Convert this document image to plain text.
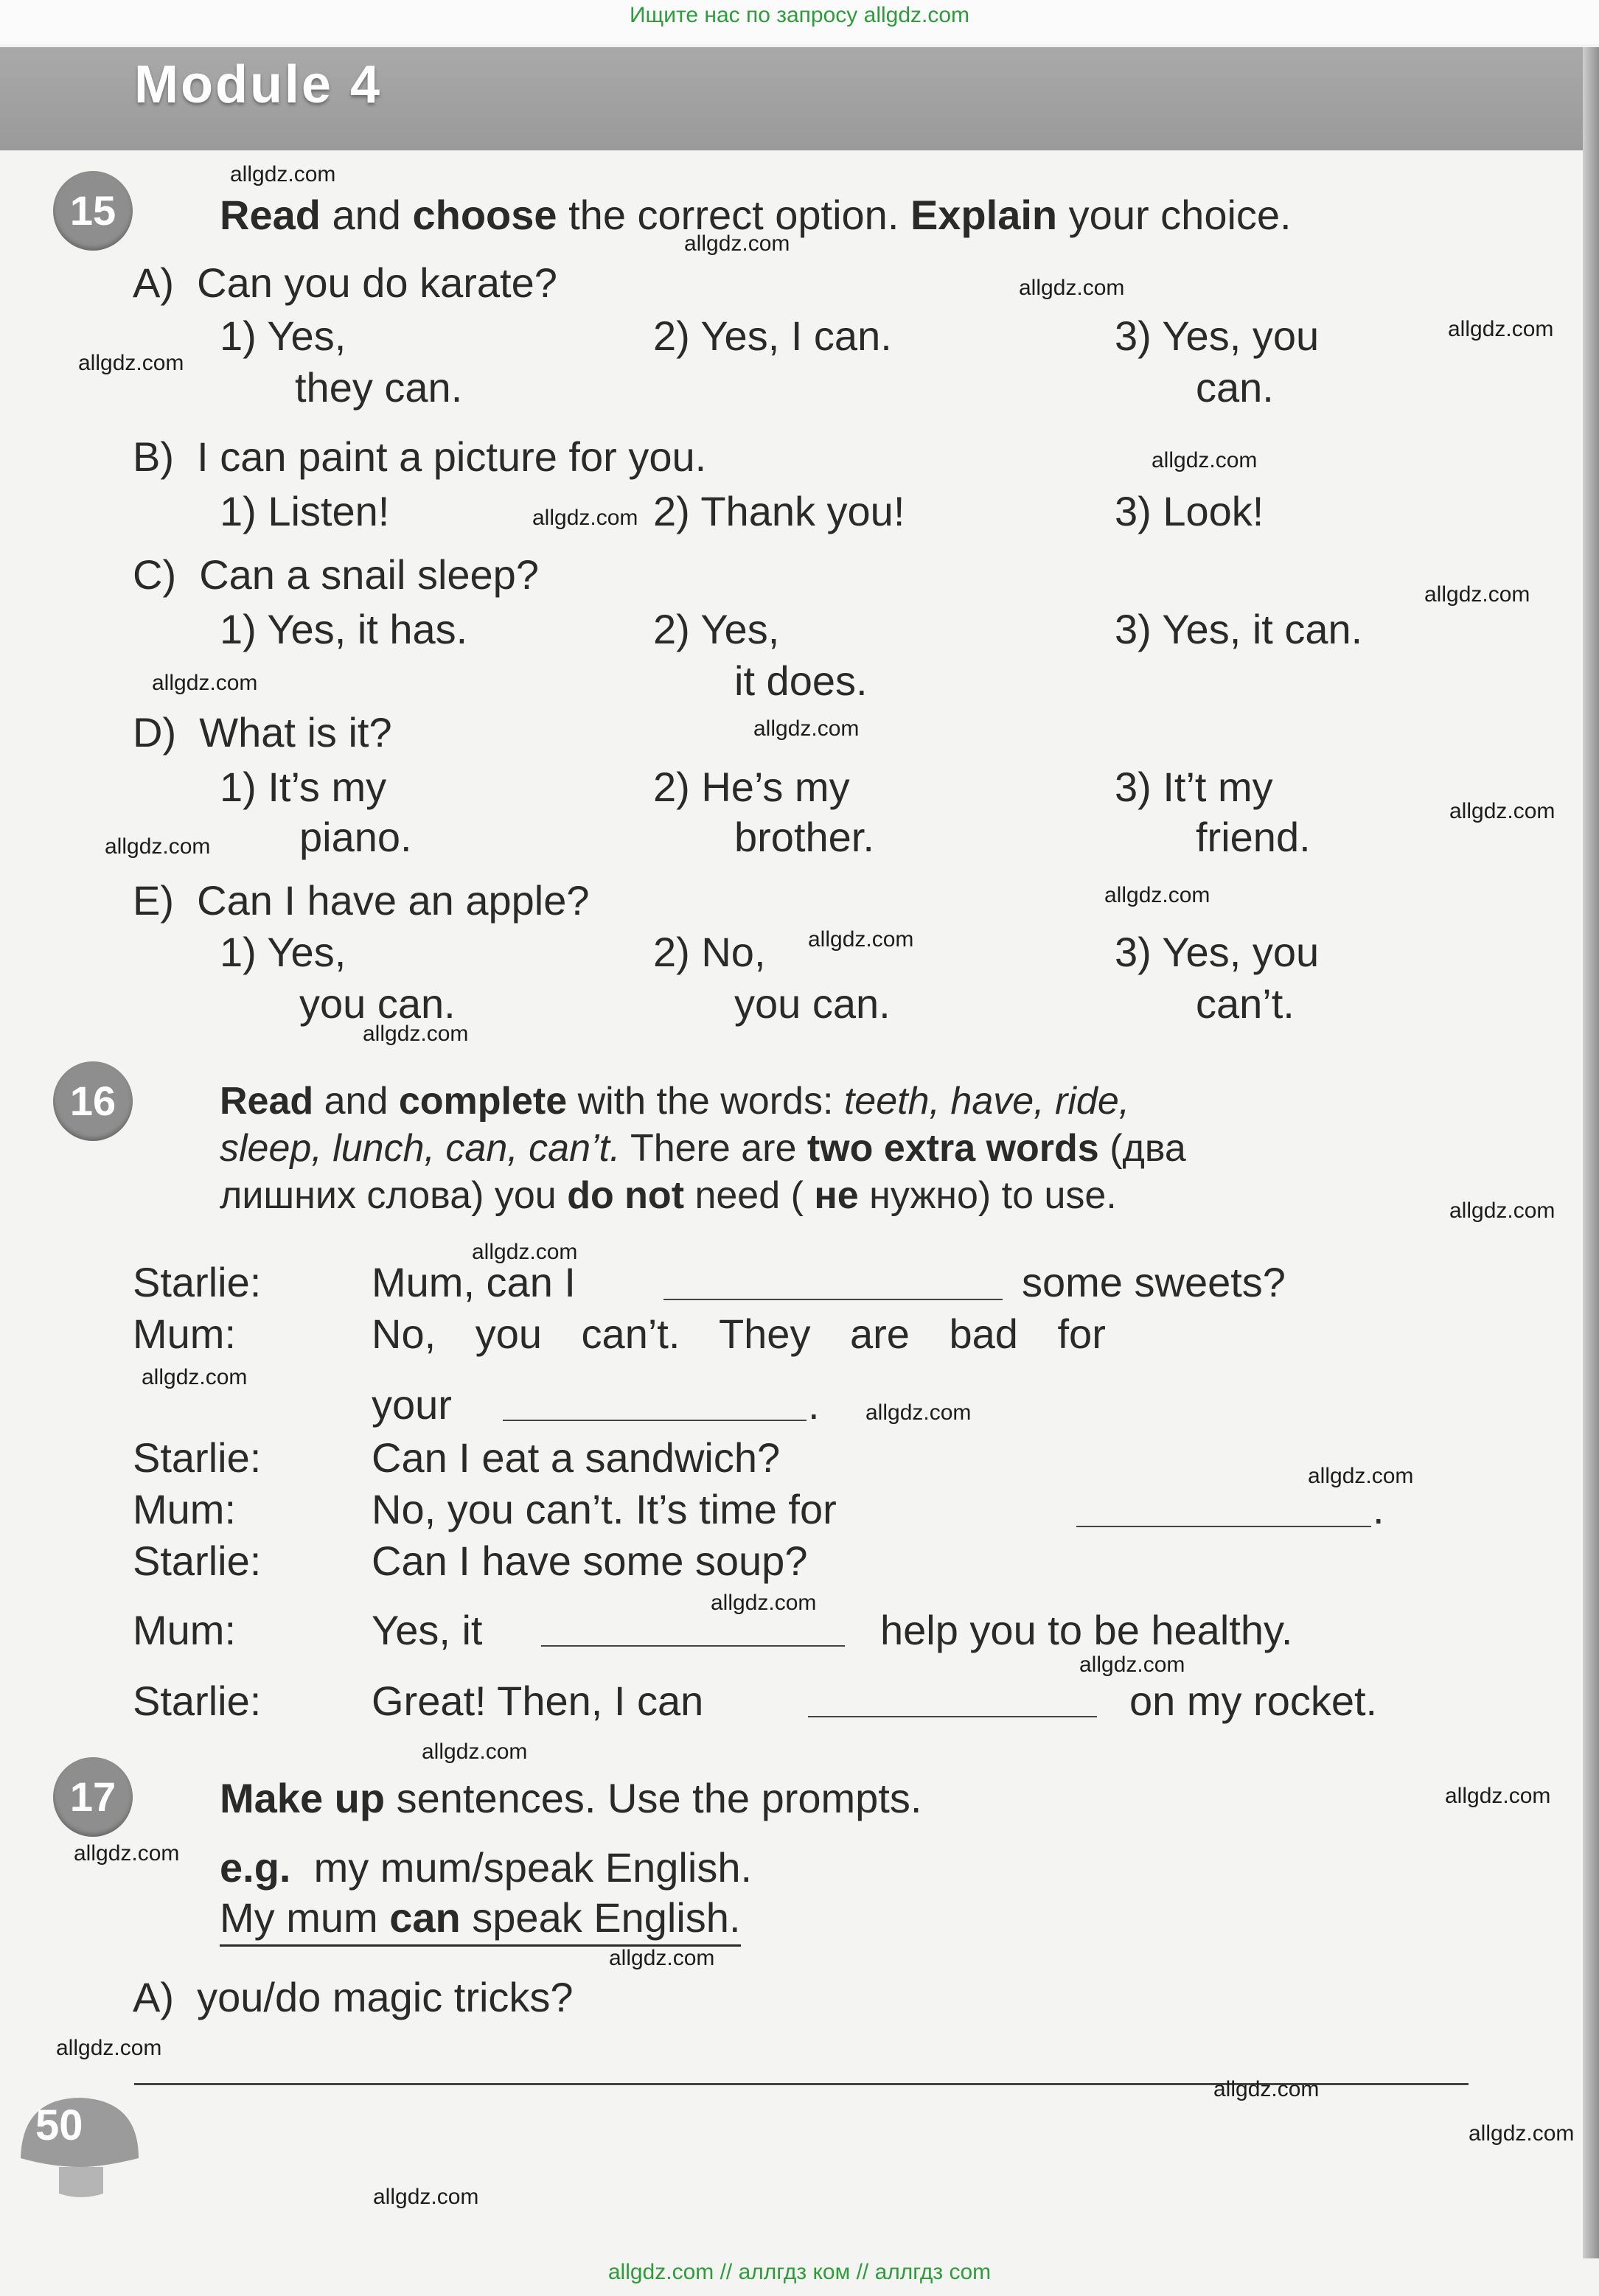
Ищите нас по запросу allgdz.com
Module 4
15	Read and choose the correct option. Explain your choice.
A) Can you do karate?
1) Yes,
they can.
2) Yes, I can.	3) Yes, you
can.
B) I can paint a picture for you.
1) Listen!	2) Thank you!	3) Look!
C) Can a snail sleep?
1) Yes, it has.	2) Yes,
it does.
3) Yes, it can.
D) What is it?
1) It’s my
piano.
2) He’s my
brother.
3) It’t my
friend.
E) Can I have an apple?
1) Yes,
you can.
2) No,
you can.
3) Yes, you
can’t.
16	Read and complete with the words: teeth, have, ride,
sleep, lunch, can, can’t. There are two extra words (два
лишних слова) you do not need ( не нужно) to use.
Starlie:	Mum, can I	some sweets?
Mum:	No, you can’t. They are bad for
your	.
Starlie:	Can I eat a sandwich?
Mum:	No, you can’t. It’s time for	.
Starlie:	Can I have some soup?
Mum:	Yes, it	help you to be healthy.
Starlie:	Great! Then, I can	on my rocket.
17	Make up sentences. Use the prompts.
e.g. my mum/speak English.
My mum can speak English.
A) you/do magic tricks?
50
allgdz.com
allgdz.com
allgdz.com
allgdz.com
allgdz.com
allgdz.com
allgdz.com
allgdz.com
allgdz.com
allgdz.com
allgdz.com
allgdz.com
allgdz.com
allgdz.com
allgdz.com
allgdz.com
allgdz.com
allgdz.com
allgdz.com
allgdz.com
allgdz.com
allgdz.com
allgdz.com
allgdz.com
allgdz.com
allgdz.com
allgdz.com
allgdz.com
allgdz.com
allgdz.com
allgdz.com // аллгдз ком // аллгдз com
